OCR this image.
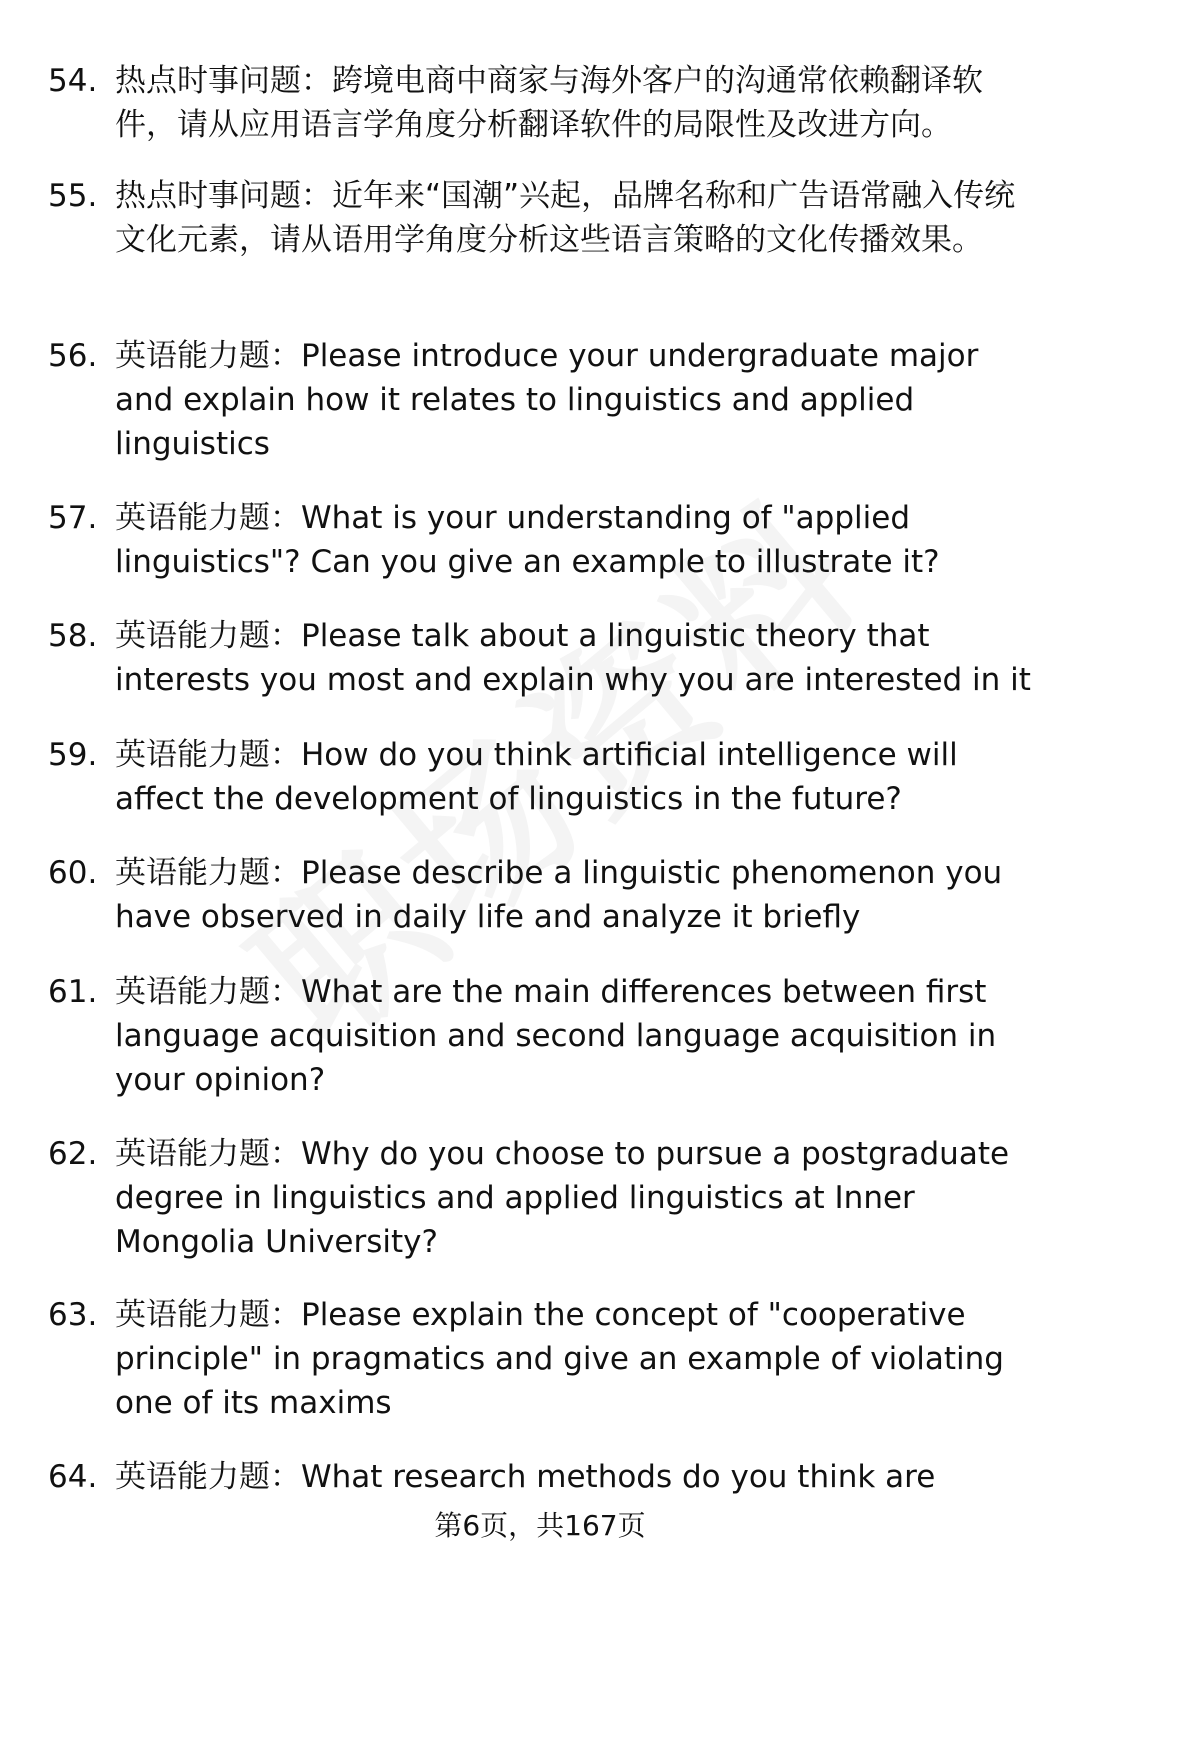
54. 热点时事问题：跨境电商中商家与海外客户的沟通常依赖翻译软件，请从应用语言学角度分析翻译软件的局限性及改进方向。
55. 热点时事问题：近年来“国潮”兴起，品牌名称和广告语常融入传统文化元素，请从语用学角度分析这些语言策略的文化传播效果。
56. 英语能力题：Please introduce your undergraduate major and explain how it relates to linguistics and applied linguistics
57. 英语能力题：What is your understanding of "applied linguistics"? Can you give an example to illustrate it?
58. 英语能力题：Please talk about a linguistic theory that interests you most and explain why you are interested in it
59. 英语能力题：How do you think artificial intelligence will affect the development of linguistics in the future?
60. 英语能力题：Please describe a linguistic phenomenon you have observed in daily life and analyze it briefly
61. 英语能力题：What are the main differences between first language acquisition and second language acquisition in your opinion?
62. 英语能力题：Why do you choose to pursue a postgraduate degree in linguistics and applied linguistics at Inner Mongolia University?
63. 英语能力题：Please explain the concept of "cooperative principle" in pragmatics and give an example of violating one of its maxims
64. 英语能力题：What research methods do you think are
第6页，共167页
